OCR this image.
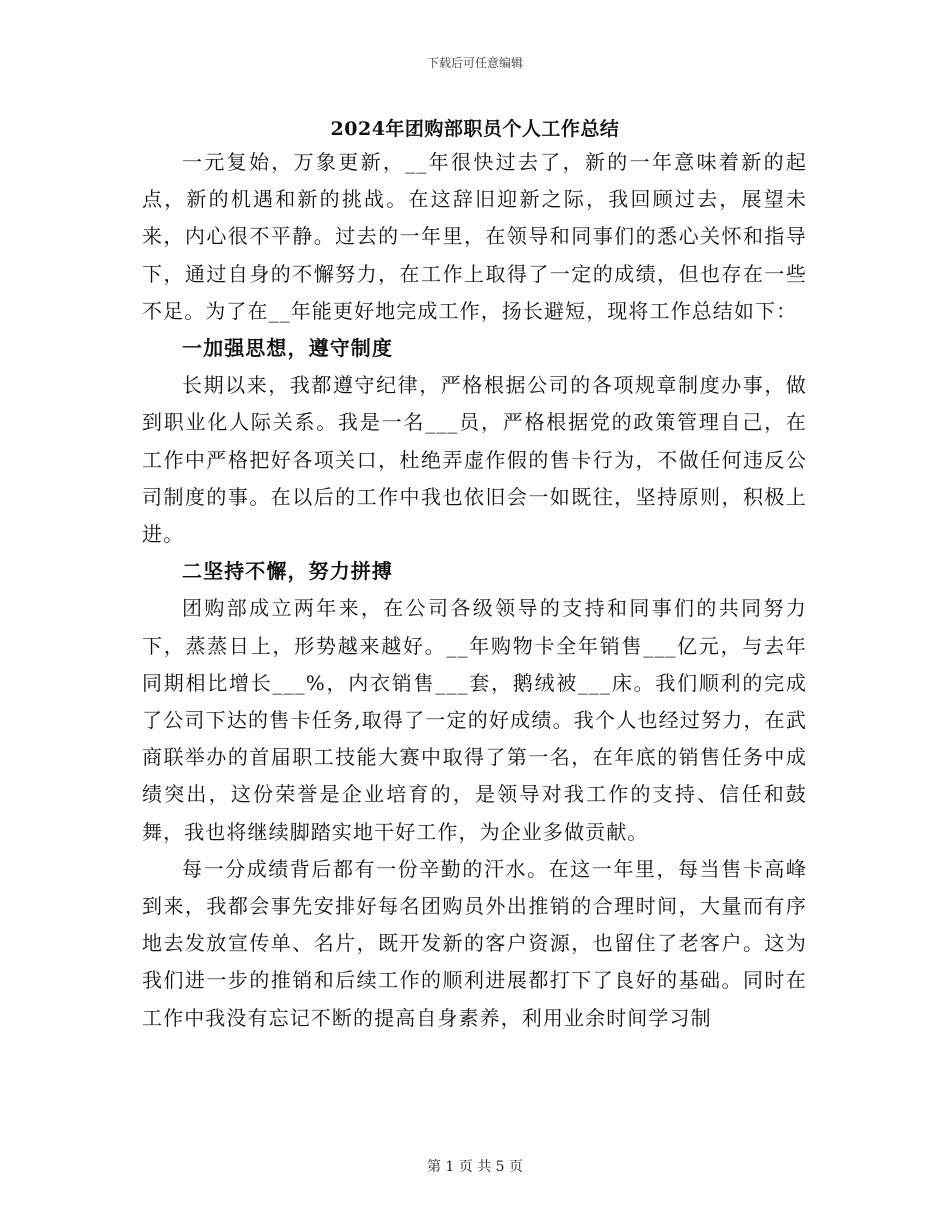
下载后可任意编辑
2024年团购部职员个人工作总结

一元复始，万象更新，__年很快过去了，新的一年意味着新的起点，新的机遇和新的挑战。在这辞旧迎新之际，我回顾过去，展望未来，内心很不平静。过去的一年里，在领导和同事们的悉心关怀和指导下，通过自身的不懈努力，在工作上取得了一定的成绩，但也存在一些不足。为了在__年能更好地完成工作，扬长避短，现将工作总结如下：

一加强思想，遵守制度

长期以来，我都遵守纪律，严格根据公司的各项规章制度办事，做到职业化人际关系。我是一名___员，严格根据党的政策管理自己，在工作中严格把好各项关口，杜绝弄虚作假的售卡行为，不做任何违反公司制度的事。在以后的工作中我也依旧会一如既往，坚持原则，积极上进。

二坚持不懈，努力拼搏

团购部成立两年来，在公司各级领导的支持和同事们的共同努力下，蒸蒸日上，形势越来越好。__年购物卡全年销售___亿元，与去年同期相比增长___%，内衣销售___套，鹅绒被___床。我们顺利的完成了公司下达的售卡任务,取得了一定的好成绩。我个人也经过努力，在武商联举办的首届职工技能大赛中取得了第一名，在年底的销售任务中成绩突出，这份荣誉是企业培育的，是领导对我工作的支持、信任和鼓舞，我也将继续脚踏实地干好工作，为企业多做贡献。

每一分成绩背后都有一份辛勤的汗水。在这一年里，每当售卡高峰到来，我都会事先安排好每名团购员外出推销的合理时间，大量而有序地去发放宣传单、名片，既开发新的客户资源，也留住了老客户。这为我们进一步的推销和后续工作的顺利进展都打下了良好的基础。同时在工作中我没有忘记不断的提高自身素养，利用业余时间学习制

第 1 页 共 5 页
